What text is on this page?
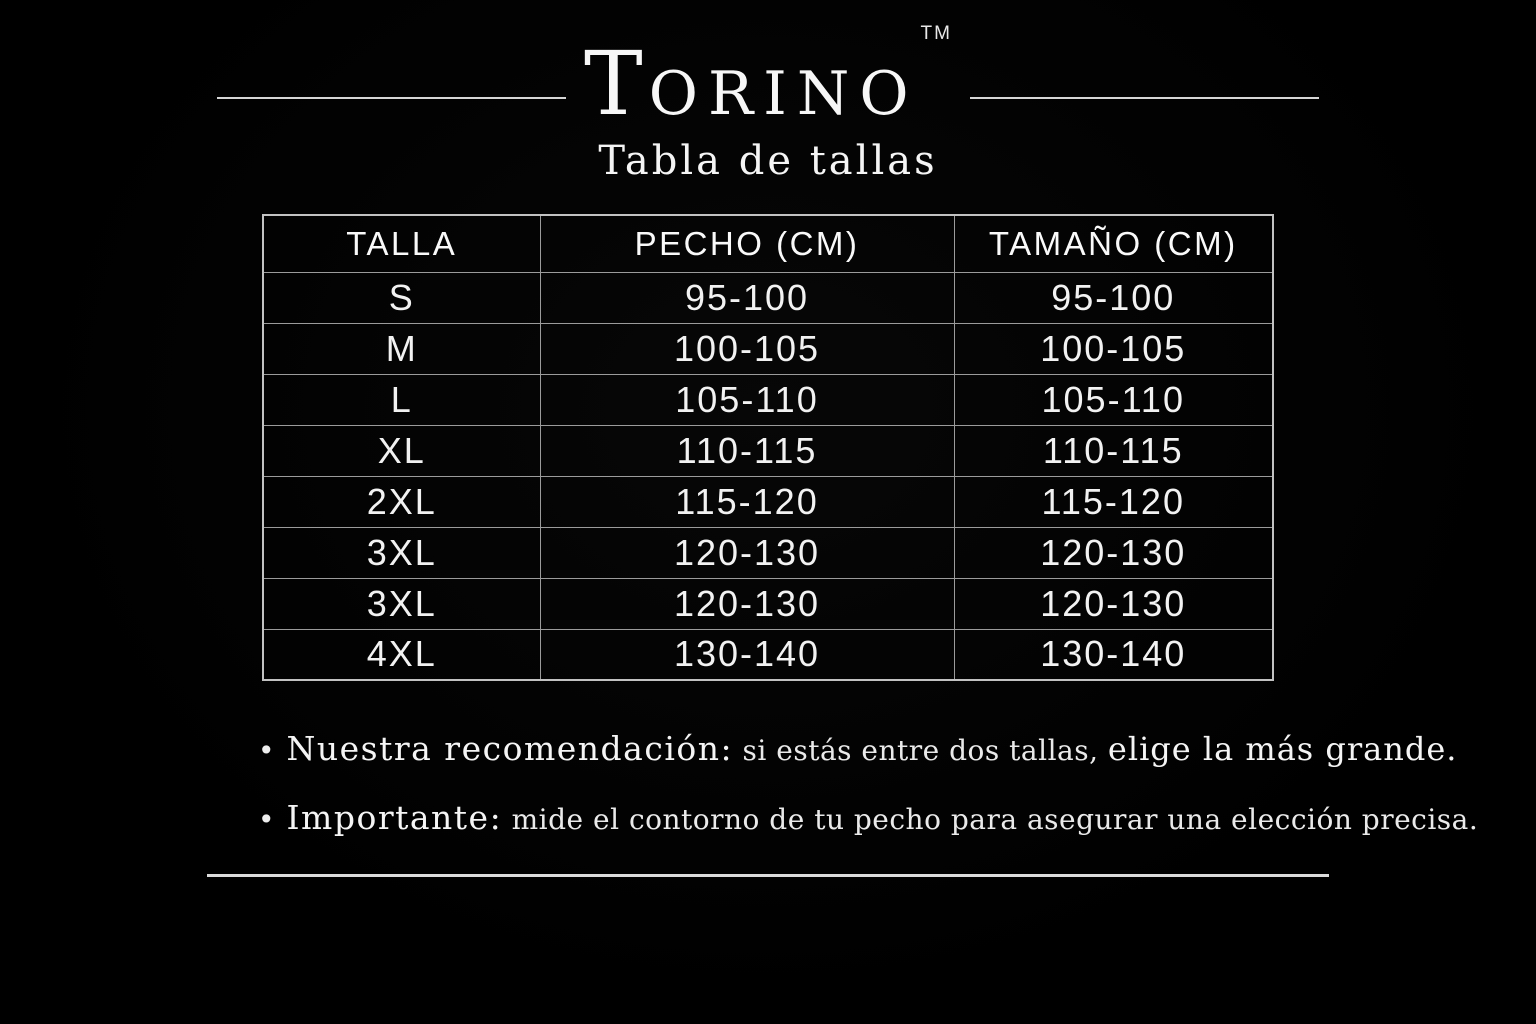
TORINOTM
Tabla de tallas
TALLA	PECHO (CM)	TAMAÑO (CM)
S	95-100	95-100
M	100-105	100-105
L	105-110	105-110
XL	110-115	110-115
2XL	115-120	115-120
3XL	120-130	120-130
3XL	120-130	120-130
4XL	130-140	130-140
• Nuestra recomendación: si estás entre dos tallas, elige la más grande.
• Importante: mide el contorno de tu pecho para asegurar una elección precisa.
